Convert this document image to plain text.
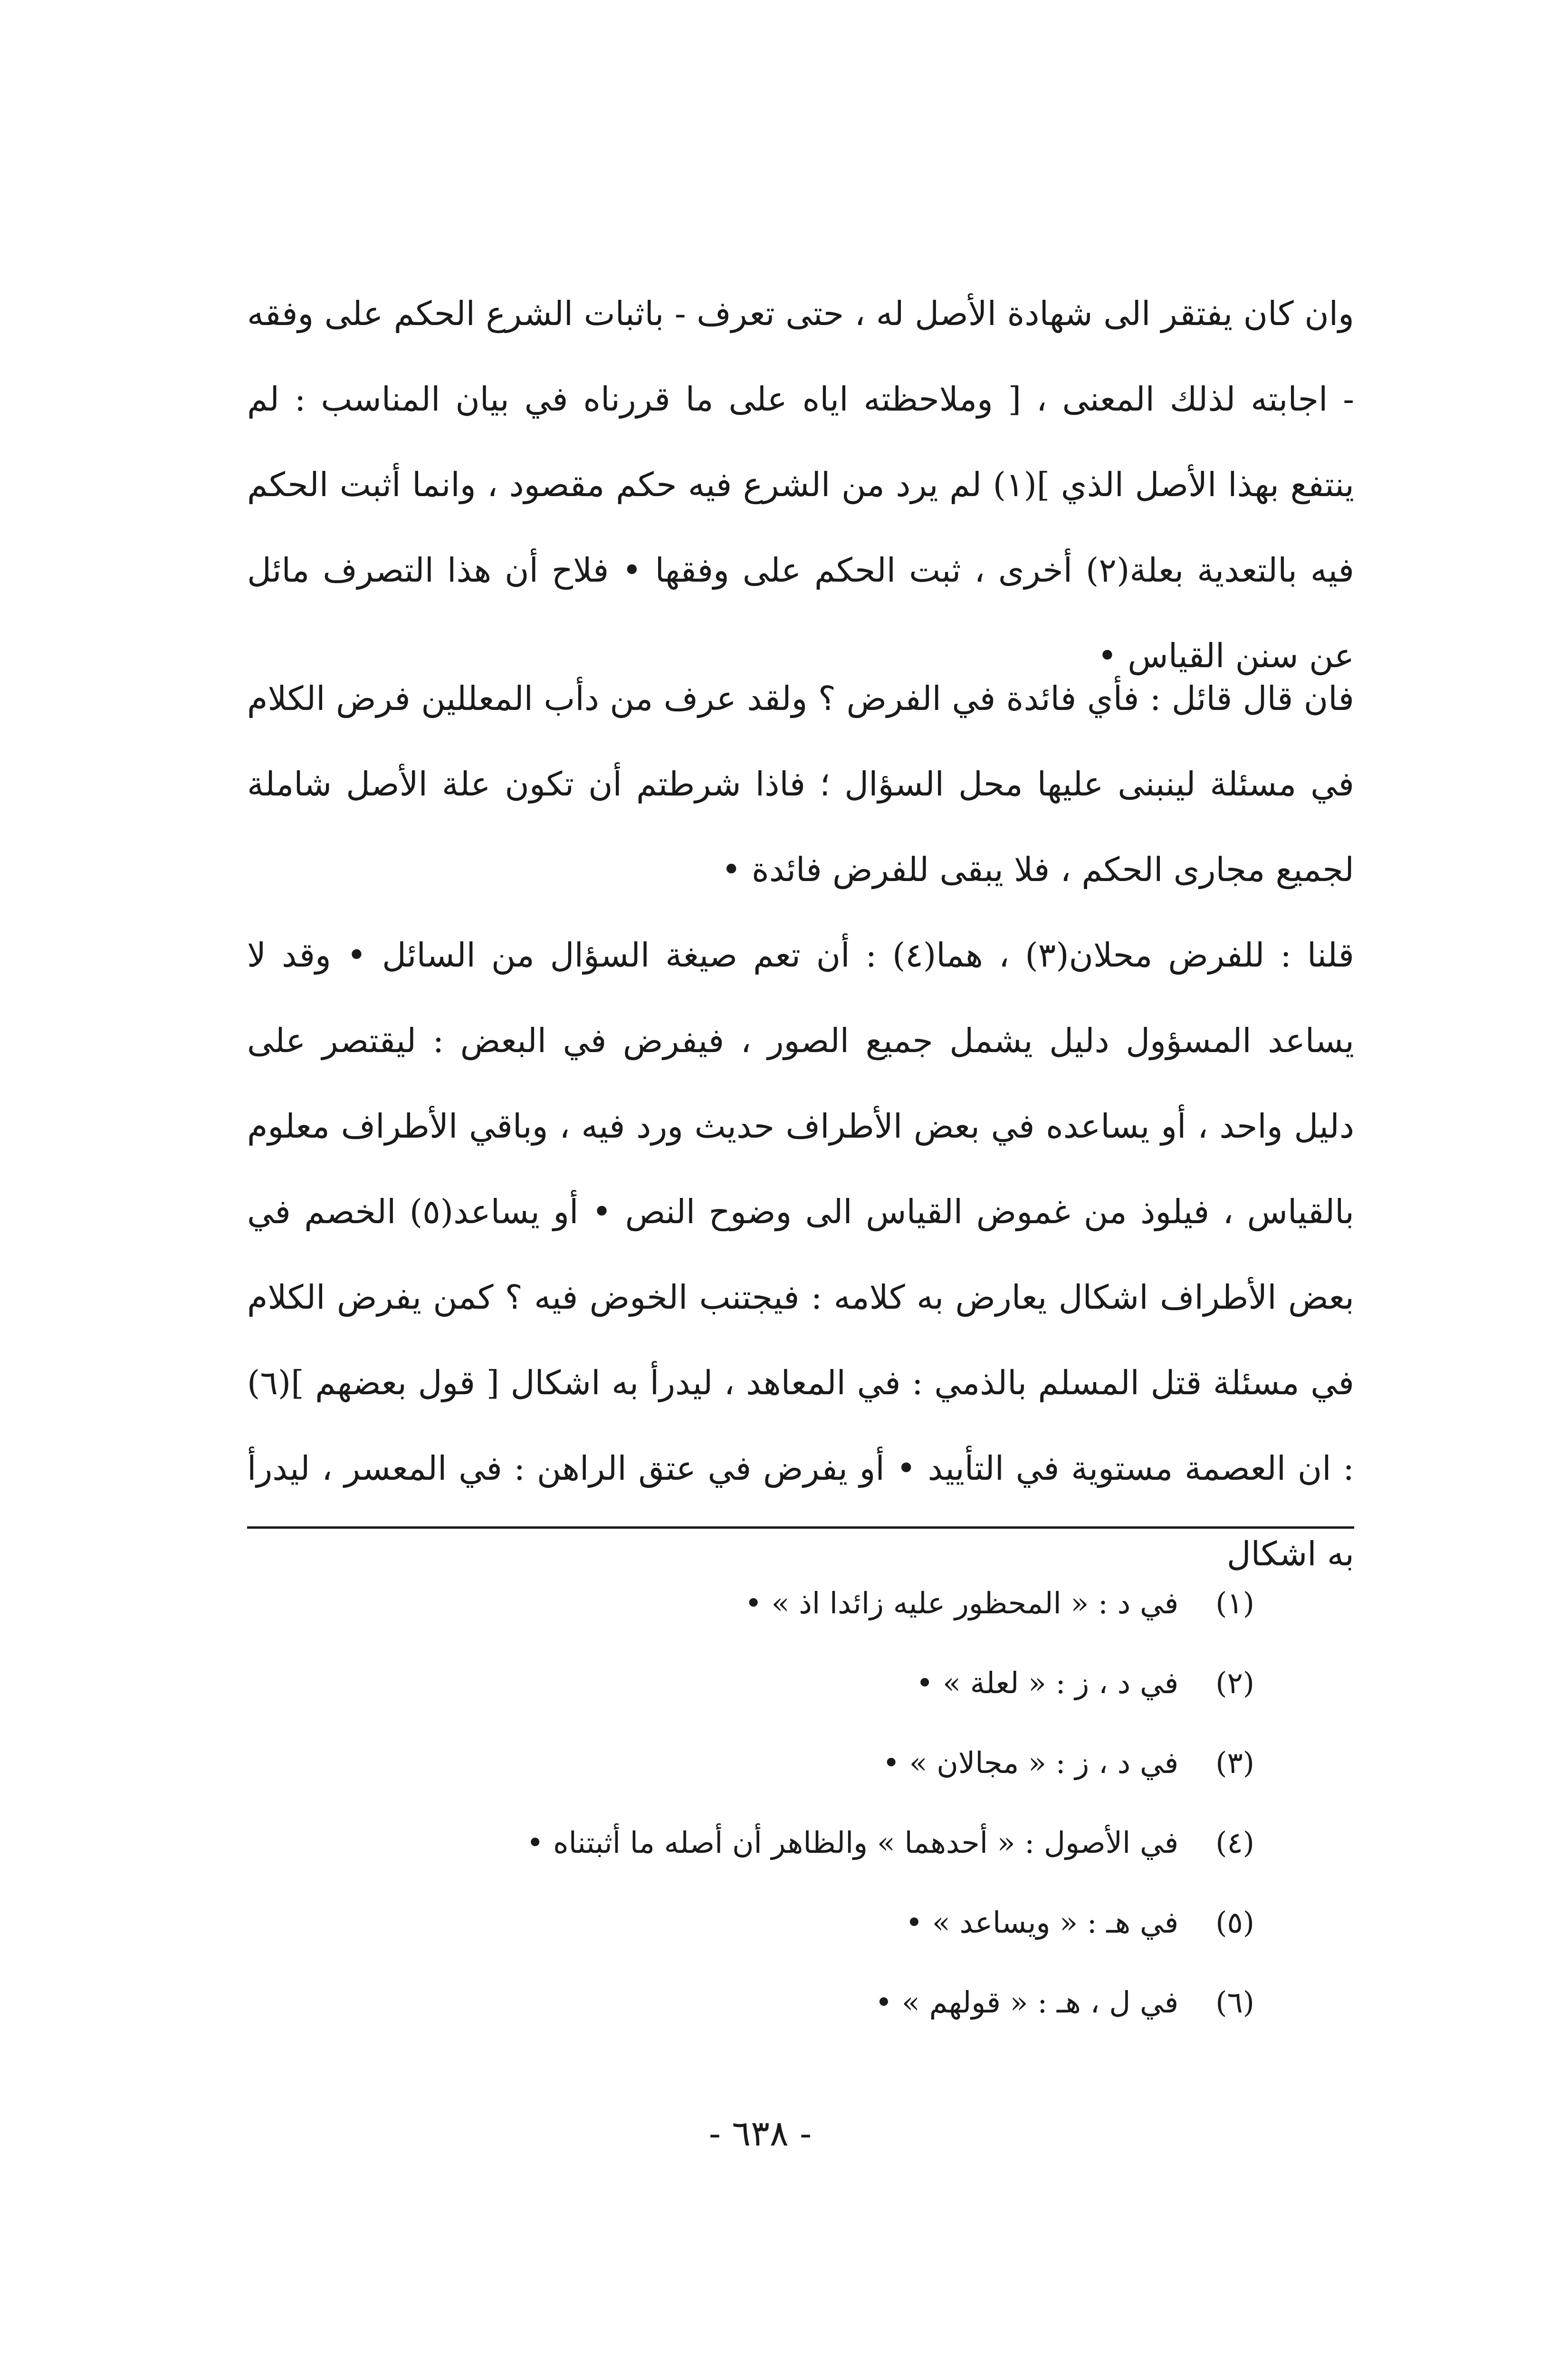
وان كان يفتقر الى شهادة الأصل له ، حتى تعرف - باثبات الشرع الحكم على وفقه - اجابته لذلك المعنى ، [ وملاحظته اياه على ما قررناه في بيان المناسب : لم ينتفع بهذا الأصل الذي ](١) لم يرد من الشرع فيه حكم مقصود ، وانما أثبت الحكم فيه بالتعدية بعلة(٢) أخرى ، ثبت الحكم على وفقها • فلاح أن هذا التصرف مائل عن سنن القياس •

فان قال قائل : فأي فائدة في الفرض ؟ ولقد عرف من دأب المعللين فرض الكلام في مسئلة لينبنى عليها محل السؤال ؛ فاذا شرطتم أن تكون علة الأصل شاملة لجميع مجارى الحكم ، فلا يبقى للفرض فائدة •

قلنا : للفرض محلان(٣) ، هما(٤) : أن تعم صيغة السؤال من السائل • وقد لا يساعد المسؤول دليل يشمل جميع الصور ، فيفرض في البعض : ليقتصر على دليل واحد ، أو يساعده في بعض الأطراف حديث ورد فيه ، وباقي الأطراف معلوم بالقياس ، فيلوذ من غموض القياس الى وضوح النص • أو يساعد(٥) الخصم في بعض الأطراف اشكال يعارض به كلامه : فيجتنب الخوض فيه ؟ كمن يفرض الكلام في مسئلة قتل المسلم بالذمي : في المعاهد ، ليدرأ به اشكال [ قول بعضهم ](٦) : ان العصمة مستوية في التأييد • أو يفرض في عتق الراهن : في المعسر ، ليدرأ به اشكال

(١) في د : « المحظور عليه زائدا اذ » •
(٢) في د ، ز : « لعلة » •
(٣) في د ، ز : « مجالان » •
(٤) في الأصول : « أحدهما » والظاهر أن أصله ما أثبتناه •
(٥) في هـ : « ويساعد » •
(٦) في ل ، هـ : « قولهم » •
- ٦٣٨ -
